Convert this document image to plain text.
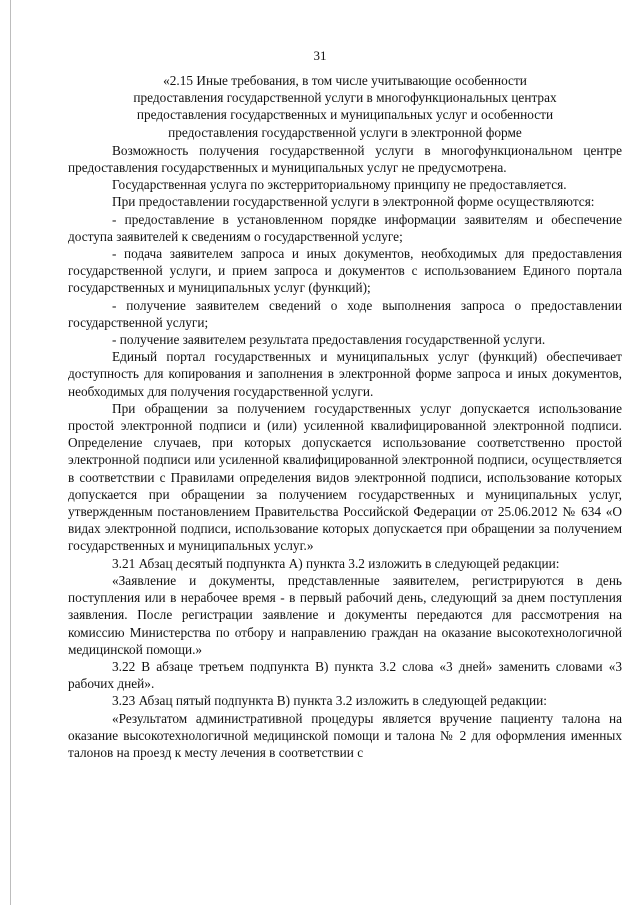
31
«2.15 Иные требования, в том числе учитывающие особенности
предоставления государственной услуги в многофункциональных центрах
предоставления государственных и муниципальных услуг и особенности
предоставления государственной услуги в электронной форме

Возможность получения государственной услуги в многофункциональном центре предоставления государственных и муниципальных услуг не предусмотрена.

Государственная услуга по экстерриториальному принципу не предоставляется.

При предоставлении государственной услуги в электронной форме осуществляются:

- предоставление в установленном порядке информации заявителям и обеспечение доступа заявителей к сведениям о государственной услуге;

- подача заявителем запроса и иных документов, необходимых для предоставления государственной услуги, и прием запроса и документов с использованием Единого портала государственных и муниципальных услуг (функций);

- получение заявителем сведений о ходе выполнения запроса о предоставлении государственной услуги;

- получение заявителем результата предоставления государственной услуги.

Единый портал государственных и муниципальных услуг (функций) обеспечивает доступность для копирования и заполнения в электронной форме запроса и иных документов, необходимых для получения государственной услуги.

При обращении за получением государственных услуг допускается использование простой электронной подписи и (или) усиленной квалифицированной электронной подписи. Определение случаев, при которых допускается использование соответственно простой электронной подписи или усиленной квалифицированной электронной подписи, осуществляется в соответствии с Правилами определения видов электронной подписи, использование которых допускается при обращении за получением государственных и муниципальных услуг, утвержденным постановлением Правительства Российской Федерации от 25.06.2012 № 634 «О видах электронной подписи, использование которых допускается при обращении за получением государственных и муниципальных услуг.»

3.21 Абзац десятый подпункта А) пункта 3.2 изложить в следующей редакции:

«Заявление и документы, представленные заявителем, регистрируются в день поступления или в нерабочее время - в первый рабочий день, следующий за днем поступления заявления. После регистрации заявление и документы передаются для рассмотрения на комиссию Министерства по отбору и направлению граждан на оказание высокотехнологичной медицинской помощи.»

3.22 В абзаце третьем подпункта В) пункта 3.2 слова «3 дней» заменить словами «3 рабочих дней».

3.23 Абзац пятый подпункта В) пункта 3.2 изложить в следующей редакции:

«Результатом административной процедуры является вручение пациенту талона на оказание высокотехнологичной медицинской помощи и талона № 2 для оформления именных талонов на проезд к месту лечения в соответствии с
